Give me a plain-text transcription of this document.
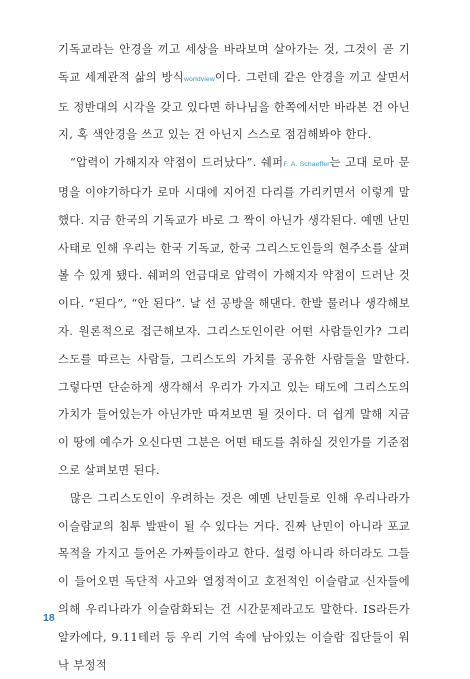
기독교라는 안경을 끼고 세상을 바라보며 살아가는 것, 그것이 곧 기독교 세계관적 삶의 방식worldview이다. 그런데 같은 안경을 끼고 살면서도 정반대의 시각을 갖고 있다면 하나님을 한쪽에서만 바라본 건 아닌지, 혹 색안경을 쓰고 있는 건 아닌지 스스로 점검해봐야 한다.

“압력이 가해지자 약점이 드러났다”. 쉐퍼F. A. Schaeffer는 고대 로마 문명을 이야기하다가 로마 시대에 지어진 다리를 가리키면서 이렇게 말했다. 지금 한국의 기독교가 바로 그 짝이 아닌가 생각된다. 예멘 난민 사태로 인해 우리는 한국 기독교, 한국 그리스도인들의 현주소를 살펴볼 수 있게 됐다. 쉐퍼의 언급대로 압력이 가해지자 약점이 드러난 것이다. “된다”, “안 된다”. 날 선 공방을 해댄다. 한발 물러나 생각해보자. 원론적으로 접근해보자. 그리스도인이란 어떤 사람들인가? 그리스도를 따르는 사람들, 그리스도의 가치를 공유한 사람들을 말한다. 그렇다면 단순하게 생각해서 우리가 가지고 있는 태도에 그리스도의 가치가 들어있는가 아닌가만 따져보면 될 것이다. 더 쉽게 말해 지금 이 땅에 예수가 오신다면 그분은 어떤 태도를 취하실 것인가를 기준점으로 살펴보면 된다.

많은 그리스도인이 우려하는 것은 예멘 난민들로 인해 우리나라가 이슬람교의 침투 발판이 될 수 있다는 거다. 진짜 난민이 아니라 포교 목적을 가지고 들어온 가짜들이라고 한다. 설령 아니라 하더라도 그들이 들어오면 독단적 사고와 열정적이고 호전적인 이슬람교 신자들에 의해 우리나라가 이슬람화되는 건 시간문제라고도 말한다. IS라든가 알카에다, 9.11테러 등 우리 기억 속에 남아있는 이슬람 집단들이 워낙 부정적

18
